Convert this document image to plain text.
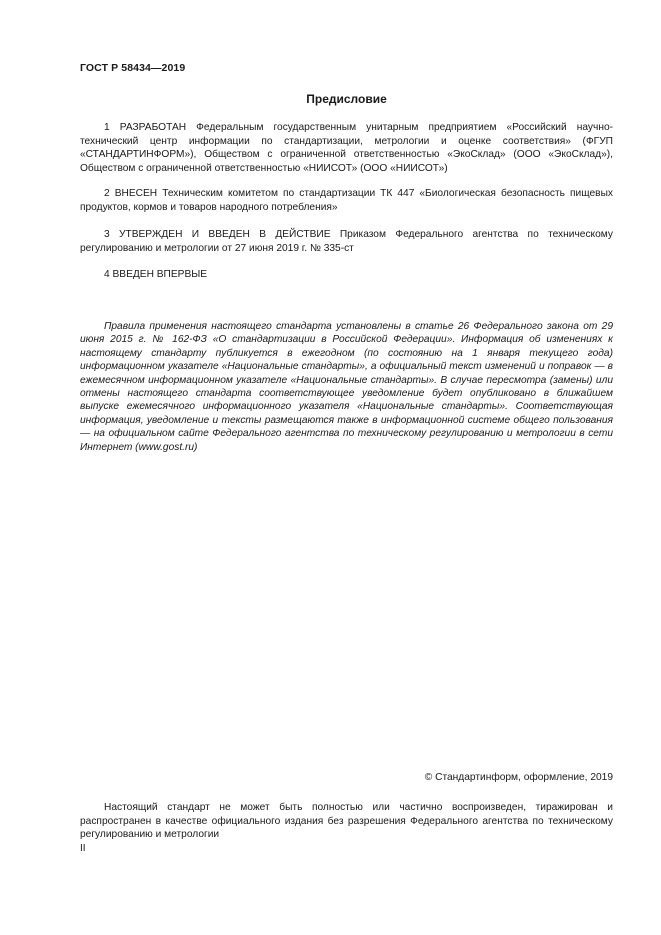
ГОСТ Р 58434—2019
Предисловие

1 РАЗРАБОТАН Федеральным государственным унитарным предприятием «Российский научно-технический центр информации по стандартизации, метрологии и оценке соответствия» (ФГУП «СТАНДАРТИНФОРМ»), Обществом с ограниченной ответственностью «ЭкоСклад» (ООО «ЭкоСклад»), Обществом с ограниченной ответственностью «НИИСОТ» (ООО «НИИСОТ»)

2 ВНЕСЕН Техническим комитетом по стандартизации ТК 447 «Биологическая безопасность пищевых продуктов, кормов и товаров народного потребления»

3 УТВЕРЖДЕН И ВВЕДЕН В ДЕЙСТВИЕ Приказом Федерального агентства по техническому регулированию и метрологии от 27 июня 2019 г. № 335-ст

4 ВВЕДЕН ВПЕРВЫЕ

Правила применения настоящего стандарта установлены в статье 26 Федерального закона от 29 июня 2015 г. № 162-ФЗ «О стандартизации в Российской Федерации». Информация об изменениях к настоящему стандарту публикуется в ежегодном (по состоянию на 1 января текущего года) информационном указателе «Национальные стандарты», а официальный текст изменений и поправок — в ежемесячном информационном указателе «Национальные стандарты». В случае пересмотра (замены) или отмены настоящего стандарта соответствующее уведомление будет опубликовано в ближайшем выпуске ежемесячного информационного указателя «Национальные стандарты». Соответствующая информация, уведомление и тексты размещаются также в информационной системе общего пользования — на официальном сайте Федерального агентства по техническому регулированию и метрологии в сети Интернет (www.gost.ru)

© Стандартинформ, оформление, 2019

Настоящий стандарт не может быть полностью или частично воспроизведен, тиражирован и распространен в качестве официального издания без разрешения Федерального агентства по техническому регулированию и метрологии

II
